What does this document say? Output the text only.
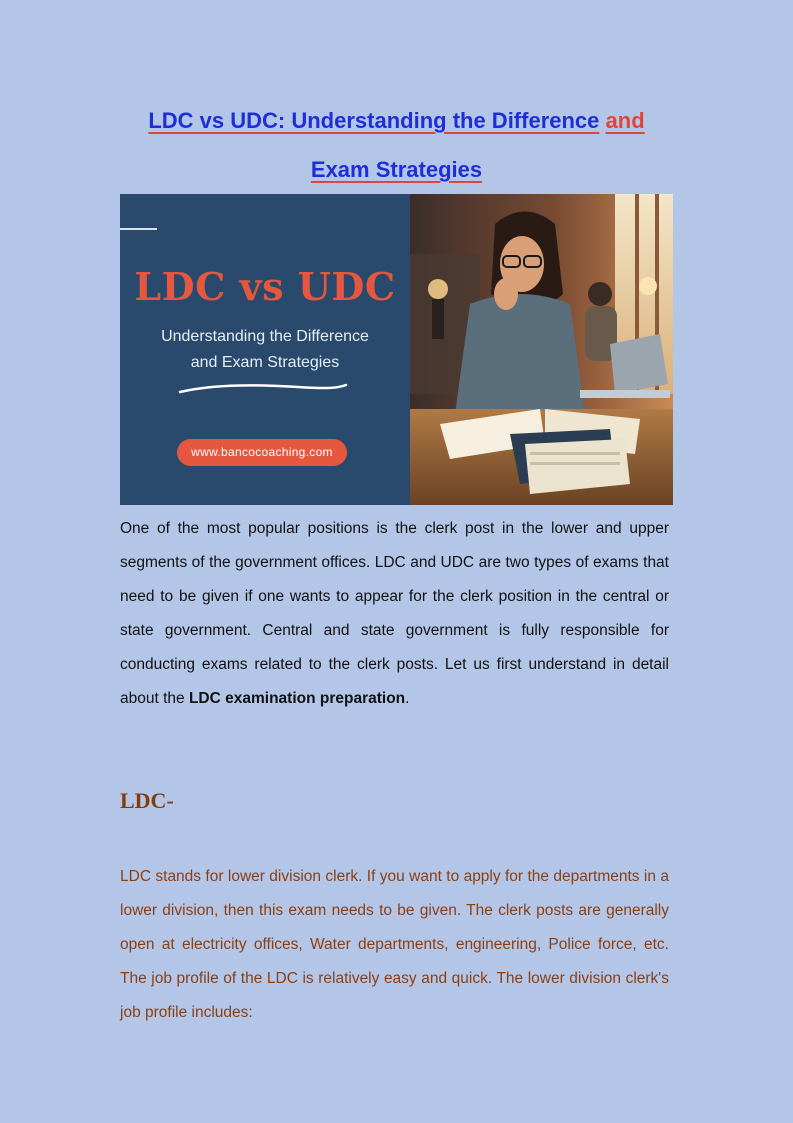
LDC vs UDC: Understanding the Difference and
Exam Strategies
LDC vs UDC
Understanding the Difference
and Exam Strategies
www.bancocoaching.com

One of the most popular positions is the clerk post in the lower and upper segments of the government offices. LDC and UDC are two types of exams that need to be given if one wants to appear for the clerk position in the central or state government. Central and state government is fully responsible for conducting exams related to the clerk posts. Let us first understand in detail about the LDC examination preparation.

LDC-

LDC stands for lower division clerk. If you want to apply for the departments in a lower division, then this exam needs to be given. The clerk posts are generally open at electricity offices, Water departments, engineering, Police force, etc. The job profile of the LDC is relatively easy and quick. The lower division clerk's job profile includes:
